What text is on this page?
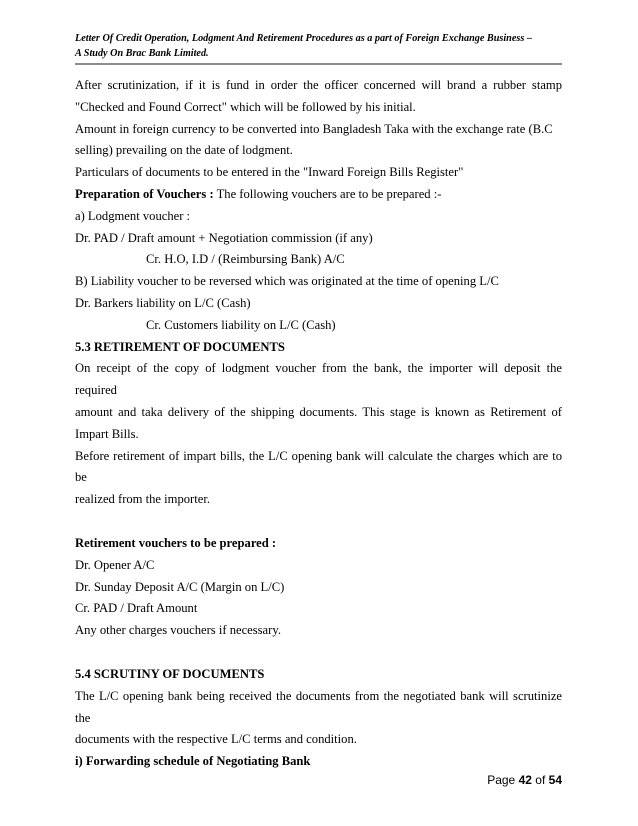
Letter Of Credit Operation, Lodgment And Retirement Procedures as a part of Foreign Exchange Business –
A Study On Brac Bank Limited.
After scrutinization, if it is fund in order the officer concerned will brand a rubber stamp
"Checked and Found Correct" which will be followed by his initial.
Amount in foreign currency to be converted into Bangladesh Taka with the exchange rate (B.C
selling) prevailing on the date of lodgment.
Particulars of documents to be entered in the "Inward Foreign Bills Register"
Preparation of Vouchers : The following vouchers are to be prepared :-
a) Lodgment voucher :
Dr. PAD / Draft amount + Negotiation commission (if any)
Cr. H.O, I.D / (Reimbursing Bank) A/C
B) Liability voucher to be reversed which was originated at the time of opening L/C
Dr. Barkers liability on L/C (Cash)
Cr. Customers liability on L/C (Cash)
5.3 RETIREMENT OF DOCUMENTS
On receipt of the copy of lodgment voucher from the bank, the importer will deposit the required
amount and taka delivery of the shipping documents. This stage is known as Retirement of
Impart Bills.
Before retirement of impart bills, the L/C opening bank will calculate the charges which are to be
realized from the importer.
Retirement vouchers to be prepared :
Dr. Opener A/C
Dr. Sunday Deposit A/C (Margin on L/C)
Cr. PAD / Draft Amount
Any other charges vouchers if necessary.
5.4 SCRUTINY OF DOCUMENTS
The L/C opening bank being received the documents from the negotiated bank will scrutinize the
documents with the respective L/C terms and condition.
i) Forwarding schedule of Negotiating Bank
Page 42 of 54
